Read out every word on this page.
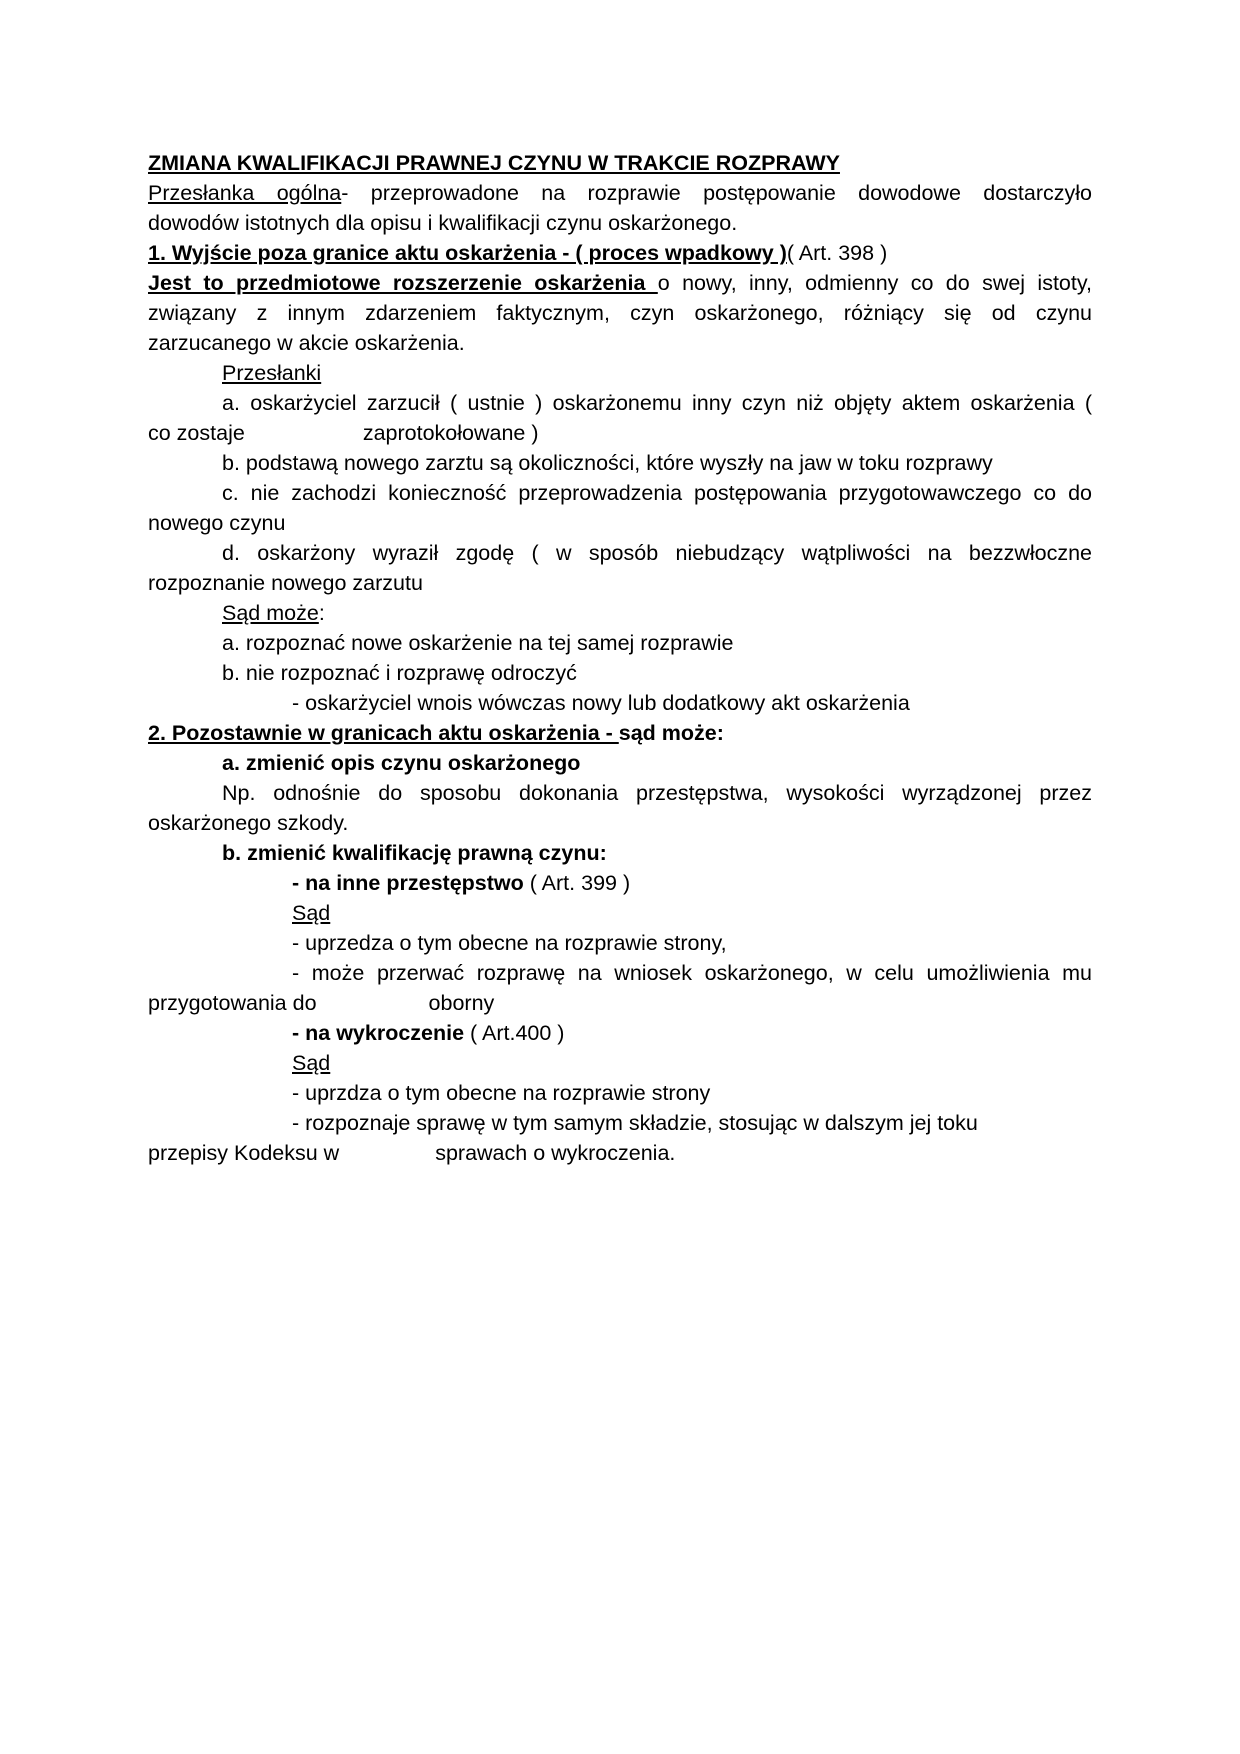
ZMIANA KWALIFIKACJI PRAWNEJ CZYNU W TRAKCIE ROZPRAWY
Przesłanka ogólna- przeprowadone na rozprawie postępowanie dowodowe dostarczyło
dowodów istotnych dla opisu i kwalifikacji czynu oskarżonego.
1. Wyjście poza granice aktu oskarżenia - ( proces wpadkowy )( Art. 398 )
Jest to przedmiotowe rozszerzenie oskarżenia o nowy, inny, odmienny co do swej istoty,
związany z innym zdarzeniem faktycznym, czyn oskarżonego, różniący się od czynu
zarzucanego w akcie oskarżenia.
Przesłanki
a. oskarżyciel zarzucił ( ustnie ) oskarżonemu inny czyn niż objęty aktem oskarżenia (
co zostaje	zaprotokołowane )
b. podstawą nowego zarztu są okoliczności, które wyszły na jaw w toku rozprawy
c. nie zachodzi konieczność przeprowadzenia postępowania przygotowawczego co do
nowego czynu
d. oskarżony wyraził zgodę ( w sposób niebudzący wątpliwości na bezzwłoczne
rozpoznanie nowego zarzutu
Sąd może:
a. rozpoznać nowe oskarżenie na tej samej rozprawie
b. nie rozpoznać i rozprawę odroczyć
- oskarżyciel wnois wówczas nowy lub dodatkowy akt oskarżenia
2. Pozostawnie w granicach aktu oskarżenia - sąd może:
a. zmienić opis czynu oskarżonego
Np. odnośnie do sposobu dokonania przestępstwa, wysokości wyrządzonej przez
oskarżonego szkody.
b. zmienić kwalifikację prawną czynu:
- na inne przestępstwo ( Art. 399 )
Sąd
- uprzedza o tym obecne na rozprawie strony,
- może przerwać rozprawę na wniosek oskarżonego, w celu umożliwienia mu
przygotowania do	oborny
- na wykroczenie ( Art.400 )
Sąd
- uprzdza o tym obecne na rozprawie strony
- rozpoznaje sprawę w tym samym składzie, stosując w dalszym jej toku
przepisy Kodeksu w	sprawach o wykroczenia.
